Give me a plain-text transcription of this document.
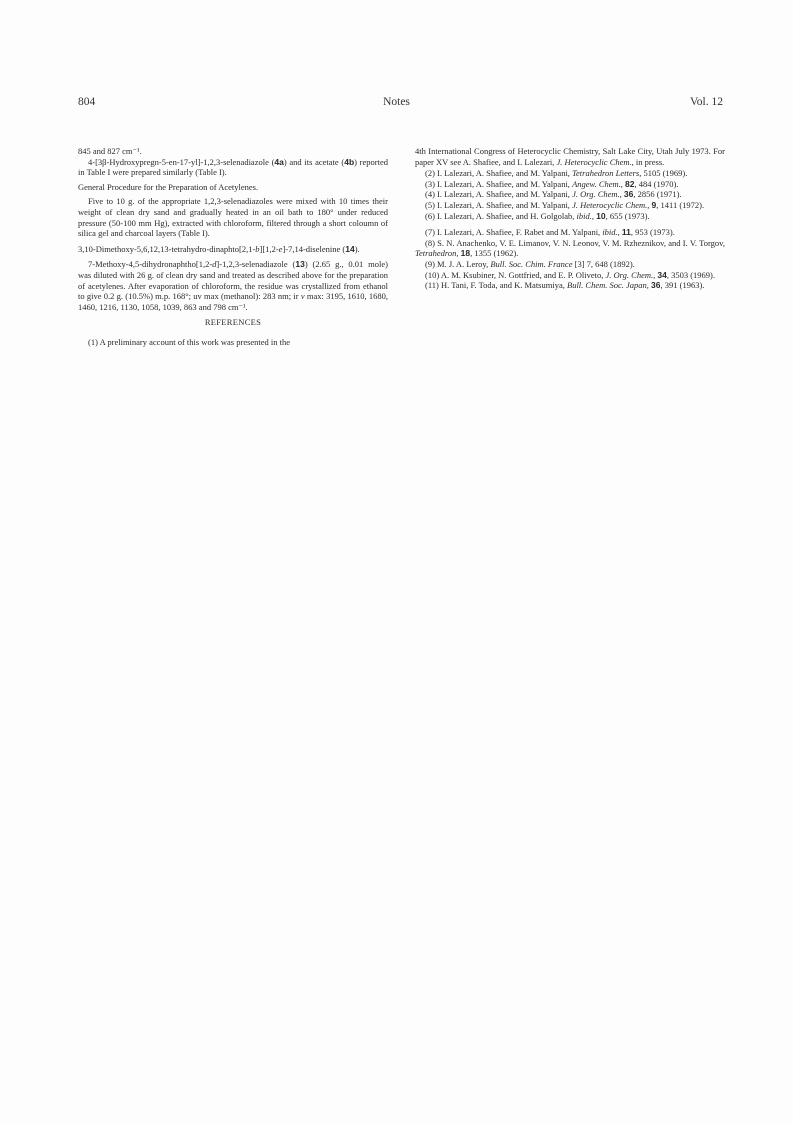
804	Notes	Vol. 12

845 and 827 cm⁻¹.

4-[3β-Hydroxypregn-5-en-17-yl]-1,2,3-selenadiazole (4a) and its acetate (4b) reported in Table I were prepared similarly (Table I).

General Procedure for the Preparation of Acetylenes.

Five to 10 g. of the appropriate 1,2,3-selenadiazoles were mixed with 10 times their weight of clean dry sand and gradually heated in an oil bath to 180° under reduced pressure (50-100 mm Hg), extracted with chloroform, filtered through a short coloumn of silica gel and charcoal layers (Table I).

3,10-Dimethoxy-5,6,12,13-tetrahydro-dinaphto[2,1-b][1,2-e]-7,14-diselenine (14).

7-Methoxy-4,5-dihydronaphtho[1,2-d]-1,2,3-selenadiazole (13) (2.65 g., 0.01 mole) was diluted with 26 g. of clean dry sand and treated as described above for the preparation of acetylenes. After evaporation of chloroform, the residue was crystallized from ethanol to give 0.2 g. (10.5%) m.p. 168°; uv max (methanol): 283 nm; ir ν max: 3195, 1610, 1680, 1460, 1216, 1130, 1058, 1039, 863 and 798 cm⁻¹.

REFERENCES

(1) A preliminary account of this work was presented in the

4th International Congress of Heterocyclic Chemistry, Salt Lake City, Utah July 1973. For paper XV see A. Shafiee, and I. Lalezari, J. Heterocyclic Chem., in press.

(2) I. Lalezari, A. Shafiee, and M. Yalpani, Tetrahedron Letters, 5105 (1969).

(3) I. Lalezari, A. Shafiee, and M. Yalpani, Angew. Chem., 82, 484 (1970).

(4) I. Lalezari, A. Shafiee, and M. Yalpani, J. Org. Chem., 36, 2856 (1971).

(5) I. Lalezari, A. Shafiee, and M. Yalpani, J. Heterocyclic Chem., 9, 1411 (1972).

(6) I. Lalezari, A. Shafiee, and H. Golgolab, ibid., 10, 655 (1973).

(7) I. Lalezari, A. Shafiee, F. Rabet and M. Yalpani, ibid., 11, 953 (1973).

(8) S. N. Anachenko, V. E. Limanov, V. N. Leonov, V. M. Rzheznikov, and I. V. Torgov, Tetrahedron, 18, 1355 (1962).

(9) M. J. A. Leroy, Bull. Soc. Chim. France [3] 7, 648 (1892).

(10) A. M. Ksubiner, N. Gottfried, and E. P. Oliveto, J. Org. Chem., 34, 3503 (1969).

(11) H. Tani, F. Toda, and K. Matsumiya, Bull. Chem. Soc. Japan, 36, 391 (1963).
